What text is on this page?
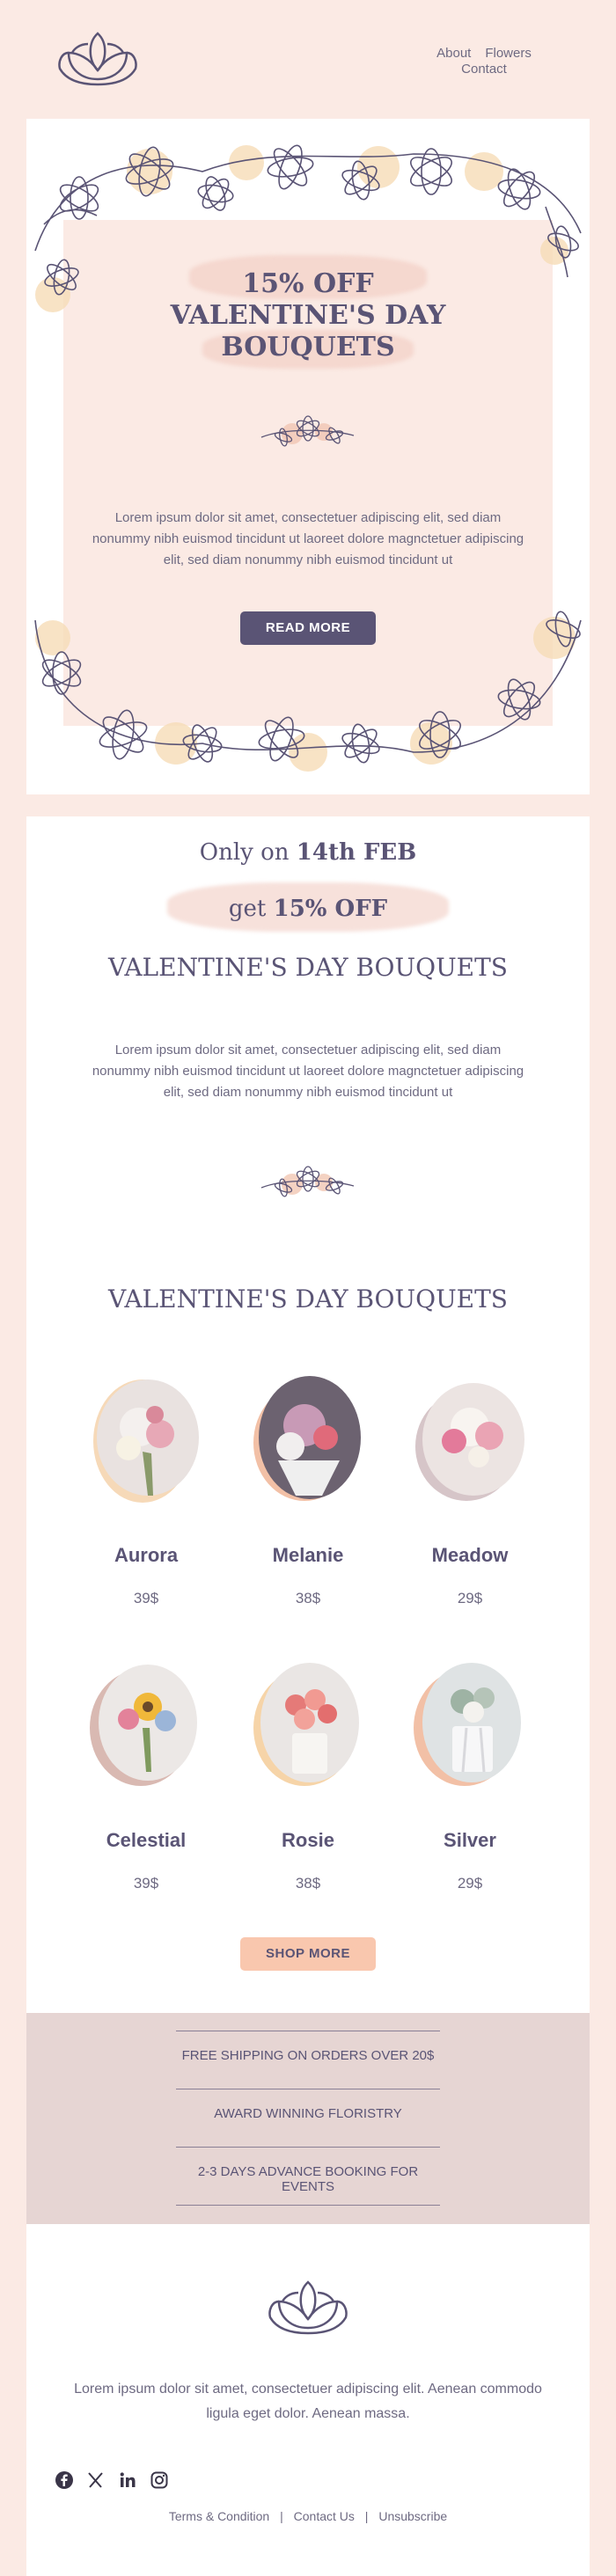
About Flowers
Contact
15% OFF
VALENTINE'S DAY
BOUQUETS
Lorem ipsum dolor sit amet, consectetuer adipiscing elit, sed diam nonummy nibh euismod tincidunt ut laoreet dolore magnctetuer adipiscing elit, sed diam nonummy nibh euismod tincidunt ut
READ MORE
Only on 14th FEB
get 15% OFF
VALENTINE'S DAY BOUQUETS
Lorem ipsum dolor sit amet, consectetuer adipiscing elit, sed diam nonummy nibh euismod tincidunt ut laoreet dolore magnctetuer adipiscing elit, sed diam nonummy nibh euismod tincidunt ut
VALENTINE'S DAY BOUQUETS
Aurora
39$
Melanie
38$
Meadow
29$
Celestial
39$
Rosie
38$
Silver
29$
SHOP MORE
FREE SHIPPING ON ORDERS OVER 20$
AWARD WINNING FLORISTRY
2-3 DAYS ADVANCE BOOKING FOR EVENTS
Lorem ipsum dolor sit amet, consectetuer adipiscing elit. Aenean commodo ligula eget dolor. Aenean massa.
Terms & Condition | Contact Us | Unsubscribe
